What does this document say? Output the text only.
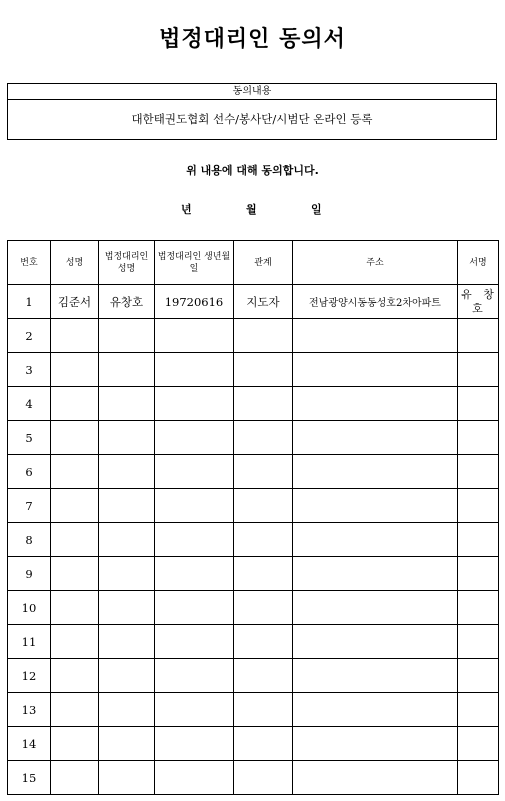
법정대리인 동의서
동의내용
대한태권도협회 선수/봉사단/시범단 온라인 등록
위 내용에 대해 동의합니다.
년	월	일
번호	성명	법정대리인 성명	법정대리인 생년월일	관계	주소	서명
1	김준서	유창호	19720616	지도자	전남광양시동동성호2차아파트	유 창 호
2						
3						
4						
5						
6						
7						
8						
9						
10						
11						
12						
13						
14						
15						
